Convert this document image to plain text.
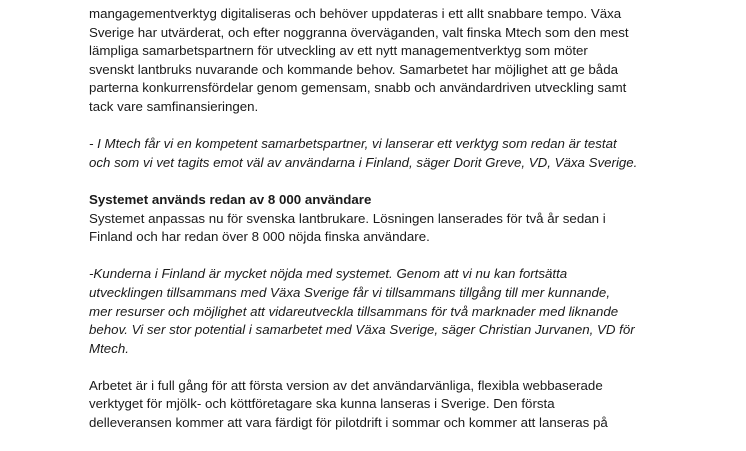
mangagementverktyg digitaliseras och behöver uppdateras i ett allt snabbare tempo. Växa
Sverige har utvärderat, och efter noggranna överväganden, valt finska Mtech som den mest
lämpliga samarbetspartnern för utveckling av ett nytt managementverktyg som möter
svenskt lantbruks nuvarande och kommande behov. Samarbetet har möjlighet att ge båda
parterna konkurrensfördelar genom gemensam, snabb och användardriven utveckling samt
tack vare samfinansieringen.
- I Mtech får vi en kompetent samarbetspartner, vi lanserar ett verktyg som redan är testat
och som vi vet tagits emot väl av användarna i Finland, säger Dorit Greve, VD, Växa Sverige.
Systemet används redan av 8 000 användare
Systemet anpassas nu för svenska lantbrukare. Lösningen lanserades för två år sedan i
Finland och har redan över 8 000 nöjda finska användare.
-Kunderna i Finland är mycket nöjda med systemet. Genom att vi nu kan fortsätta
utvecklingen tillsammans med Växa Sverige får vi tillsammans tillgång till mer kunnande,
mer resurser och möjlighet att vidareutveckla tillsammans för två marknader med liknande
behov. Vi ser stor potential i samarbetet med Växa Sverige, säger Christian Jurvanen, VD för
Mtech.
Arbetet är i full gång för att första version av det användarvänliga, flexibla webbaserade
verktyget för mjölk- och köttföretagare ska kunna lanseras i Sverige. Den första
delleveransen kommer att vara färdigt för pilotdrift i sommar och kommer att lanseras på
